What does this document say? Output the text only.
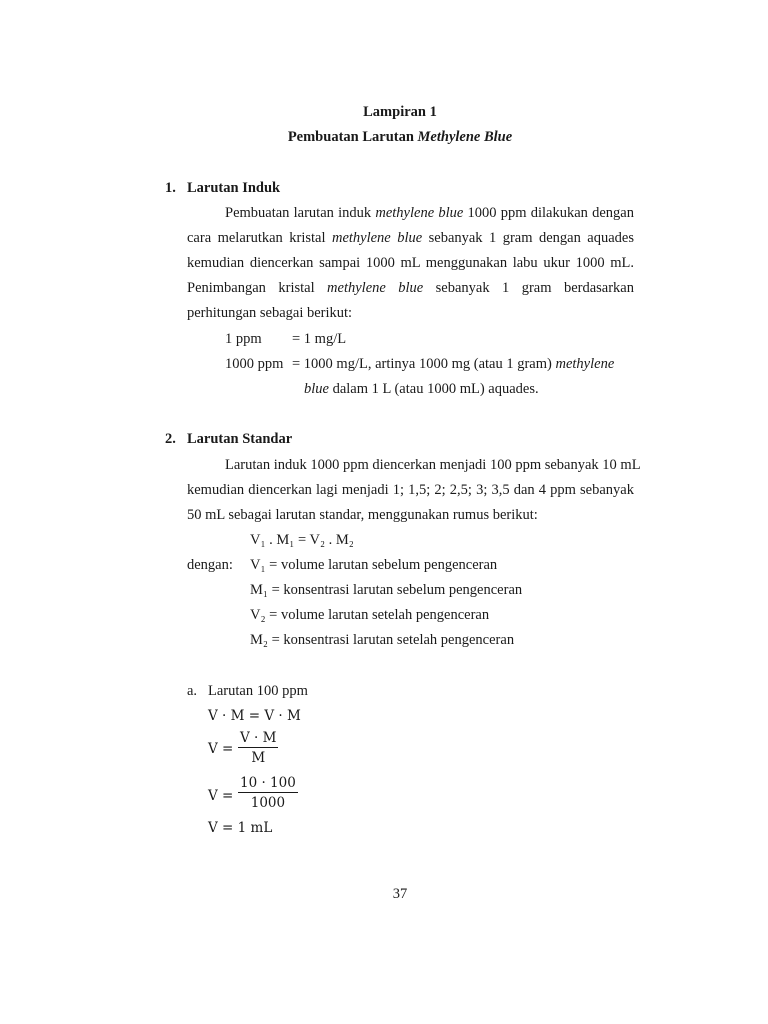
Lampiran 1
Pembuatan Larutan Methylene Blue
1. Larutan Induk
Pembuatan larutan induk methylene blue 1000 ppm dilakukan dengan
cara melarutkan kristal methylene blue sebanyak 1 gram dengan aquades
kemudian diencerkan sampai 1000 mL menggunakan labu ukur 1000 mL.
Penimbangan kristal methylene blue sebanyak 1 gram berdasarkan
perhitungan sebagai berikut:
1 ppm = 1 mg/L
1000 ppm = 1000 mg/L, artinya 1000 mg (atau 1 gram) methylene
blue dalam 1 L (atau 1000 mL) aquades.
2. Larutan Standar
Larutan induk 1000 ppm diencerkan menjadi 100 ppm sebanyak 10 mL
kemudian diencerkan lagi menjadi 1; 1,5; 2; 2,5; 3; 3,5 dan 4 ppm sebanyak
50 mL sebagai larutan standar, menggunakan rumus berikut:
V₁ . M₁ = V₂ . M₂
dengan: V₁ = volume larutan sebelum pengenceran
M₁ = konsentrasi larutan sebelum pengenceran
V₂ = volume larutan setelah pengenceran
M₂ = konsentrasi larutan setelah pengenceran
a. Larutan 100 ppm
V · M = V · M
$V = \frac{V \cdot M}{M}$
$V = \frac{10 \cdot 100}{1000}$
V = 1 mL
37
